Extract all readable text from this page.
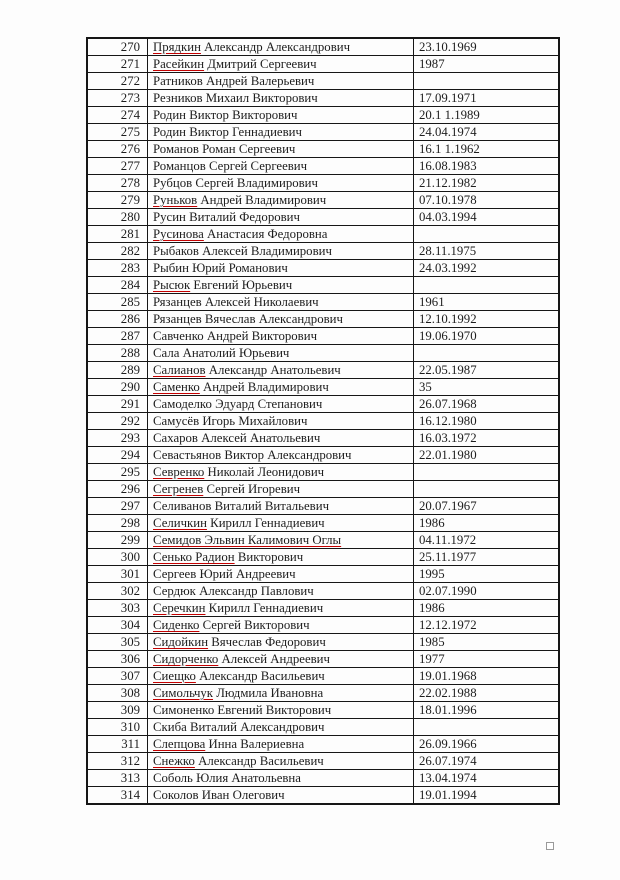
270	Прядкин Александр Александрович	23.10.1969
271	Расейкин Дмитрий Сергеевич	1987
272	Ратников Андрей Валерьевич	
273	Резников Михаил Викторович	17.09.1971
274	Родин Виктор Викторович	20.1 1.1989
275	Родин Виктор Геннадиевич	24.04.1974
276	Романов Роман Сергеевич	16.1 1.1962
277	Романцов Сергей Сергеевич	16.08.1983
278	Рубцов Сергей Владимирович	21.12.1982
279	Руньков Андрей Владимирович	07.10.1978
280	Русин Виталий Федорович	04.03.1994
281	Русинова Анастасия Федоровна	
282	Рыбаков Алексей Владимирович	28.11.1975
283	Рыбин Юрий Романович	24.03.1992
284	Рысюк Евгений Юрьевич	
285	Рязанцев Алексей Николаевич	1961
286	Рязанцев Вячеслав Александрович	12.10.1992
287	Савченко Андрей Викторович	19.06.1970
288	Сала Анатолий Юрьевич	
289	Салианов Александр Анатольевич	22.05.1987
290	Саменко Андрей Владимирович	35
291	Самоделко Эдуард Степанович	26.07.1968
292	Самусёв Игорь Михайлович	16.12.1980
293	Сахаров Алексей Анатольевич	16.03.1972
294	Севастьянов Виктор Александрович	22.01.1980
295	Севренко Николай Леонидович	
296	Сегренев Сергей Игоревич	
297	Селиванов Виталий Витальевич	20.07.1967
298	Селичкин Кирилл Геннадиевич	1986
299	Семидов Эльвин Калимович Оглы	04.11.1972
300	Сенько Радион Викторович	25.11.1977
301	Сергеев Юрий Андреевич	1995
302	Сердюк Александр Павлович	02.07.1990
303	Серечкин Кирилл Геннадиевич	1986
304	Сиденко Сергей Викторович	12.12.1972
305	Сидойкин Вячеслав Федорович	1985
306	Сидорченко Алексей Андреевич	1977
307	Сиещко Александр Васильевич	19.01.1968
308	Симольчук Людмила Ивановна	22.02.1988
309	Симоненко Евгений Викторович	18.01.1996
310	Скиба Виталий Александрович	
311	Слепцова Инна Валериевна	26.09.1966
312	Снежко Александр Васильевич	26.07.1974
313	Соболь Юлия Анатольевна	13.04.1974
314	Соколов Иван Олегович	19.01.1994
